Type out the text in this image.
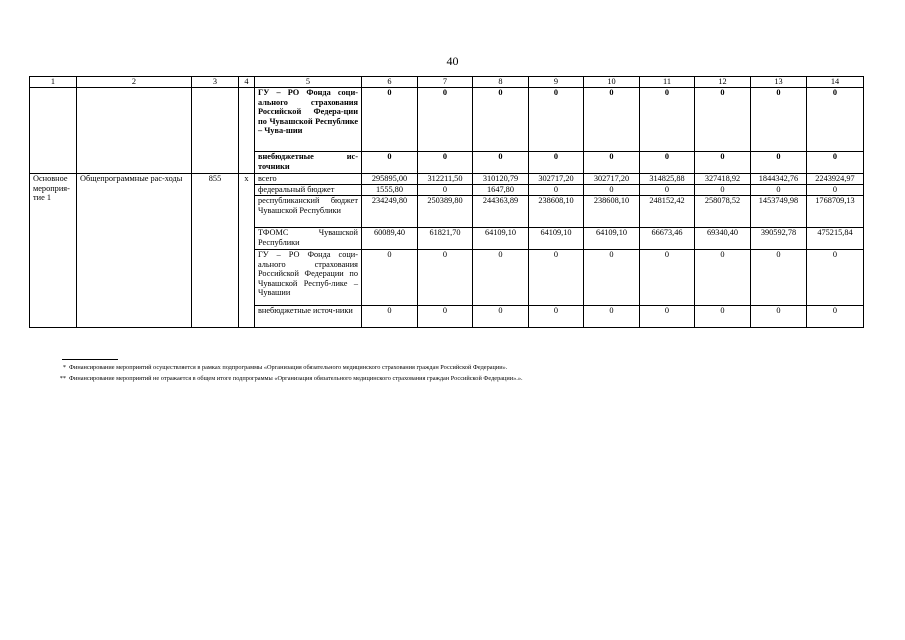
40
1	2	3	4	5	6	7	8	9	10	11	12	13	14
				ГУ – РО Фонда соци-ального страхования Российской Федера-ции по Чувашской Республике – Чува-шии	0	0	0	0	0	0	0	0	0
				внебюджетные ис-точники	0	0	0	0	0	0	0	0	0
Основное мероприя-тие 1	Общепрограммные рас-ходы	855	x	всего	295895,00	312211,50	310120,79	302717,20	302717,20	314825,88	327418,92	1844342,76	2243924,97
				федеральный бюджет	1555,80	0	1647,80	0	0	0	0	0	0
				республиканский бюджет Чувашской Республики	234249,80	250389,80	244363,89	238608,10	238608,10	248152,42	258078,52	1453749,98	1768709,13
				ТФОМС Чувашской Республики	60089,40	61821,70	64109,10	64109,10	64109,10	66673,46	69340,40	390592,78	475215,84
				ГУ – РО Фонда соци-ального страхования Российской Федерации по Чувашской Респуб-лике – Чувашии	0	0	0	0	0	0	0	0	0
				внебюджетные источ-ники	0	0	0	0	0	0	0	0	0
* Финансирование мероприятий осуществляется в рамках подпрограммы «Организация обязательного медицинского страхования граждан Российской Федерации».
** Финансирование мероприятий не отражается в общем итоге подпрограммы «Организация обязательного медицинского страхования граждан Российской Федерации».».
